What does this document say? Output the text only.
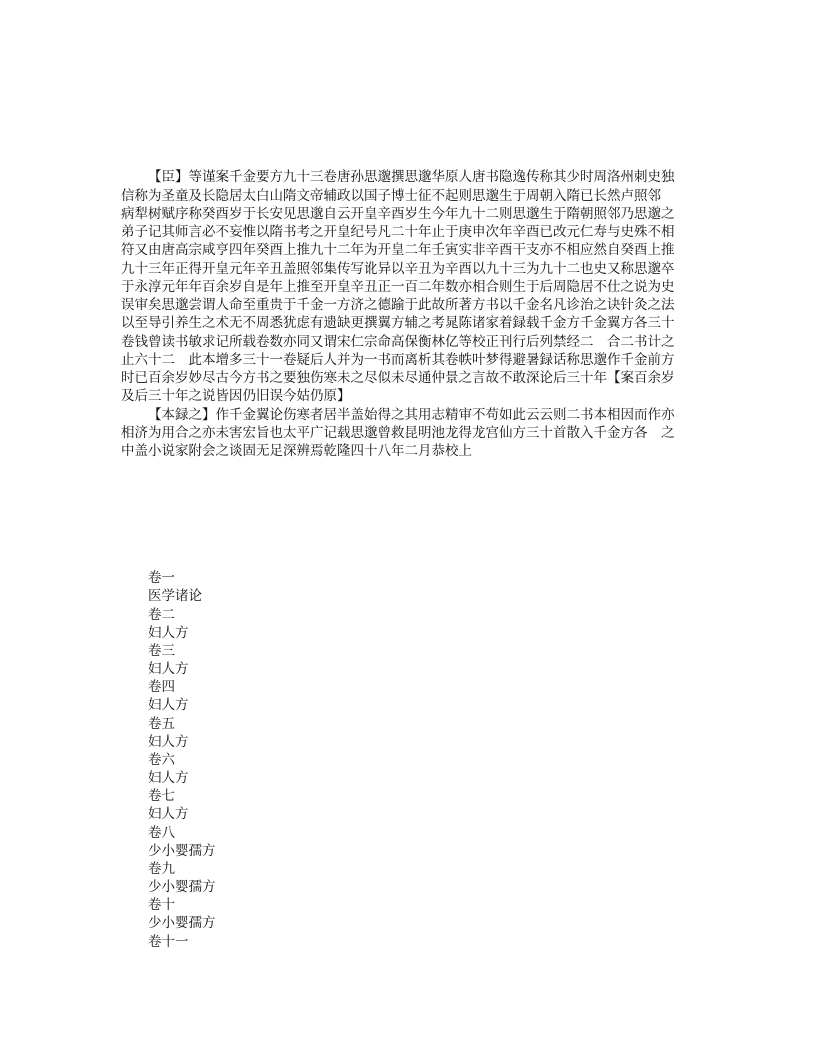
【臣】等谨案千金要方九十三卷唐孙思邈撰思邈华原人唐书隐逸传称其少时周洛州刺史独
信称为圣童及长隐居太白山隋文帝辅政以国子博士征不起则思邈生于周朝入隋已长然卢照邻
病犁树赋序称癸酉岁于长安见思邈自云开皇辛酉岁生今年九十二则思邈生于隋朝照邻乃思邈之
弟子记其师言必不妄惟以隋书考之开皇纪号凡二十年止于庚申次年辛酉已改元仁寿与史殊不相
符又由唐高宗咸亨四年癸酉上推九十二年为开皇二年壬寅实非辛酉干支亦不相应然自癸酉上推
九十三年正得开皇元年辛丑盖照邻集传写讹异以辛丑为辛酉以九十三为九十二也史又称思邈卒
于永淳元年年百余岁自是年上推至开皇辛丑正一百二年数亦相合则生于后周隐居不仕之说为史
误审矣思邈尝谓人命至重贵于千金一方济之德踰于此故所著方书以千金名凡诊治之诀针灸之法
以至导引养生之术无不周悉犹虑有遗缺更撰翼方辅之考晁陈诸家着録载千金方千金翼方各三十
卷钱曾读书敏求记所载卷数亦同又谓宋仁宗命高保衡林亿等校正刊行后列禁经二　合二书计之
止六十二　此本增多三十一卷疑后人并为一书而离析其卷帙叶梦得避暑録话称思邈作千金前方
时已百余岁妙尽古今方书之要独伤寒未之尽似未尽通仲景之言故不敢深论后三十年【案百余岁
及后三十年之说皆因仍旧误今姑仍原】
【本録之】作千金翼论伤寒者居半盖始得之其用志精审不苟如此云云则二书本相因而作亦
相济为用合之亦未害宏旨也太平广记载思邈曾救昆明池龙得龙宫仙方三十首散入千金方各　之
中盖小说家附会之谈固无足深辨焉乾隆四十八年二月恭校上
卷一
医学诸论
卷二
妇人方
卷三
妇人方
卷四
妇人方
卷五
妇人方
卷六
妇人方
卷七
妇人方
卷八
少小婴孺方
卷九
少小婴孺方
卷十
少小婴孺方
卷十一
